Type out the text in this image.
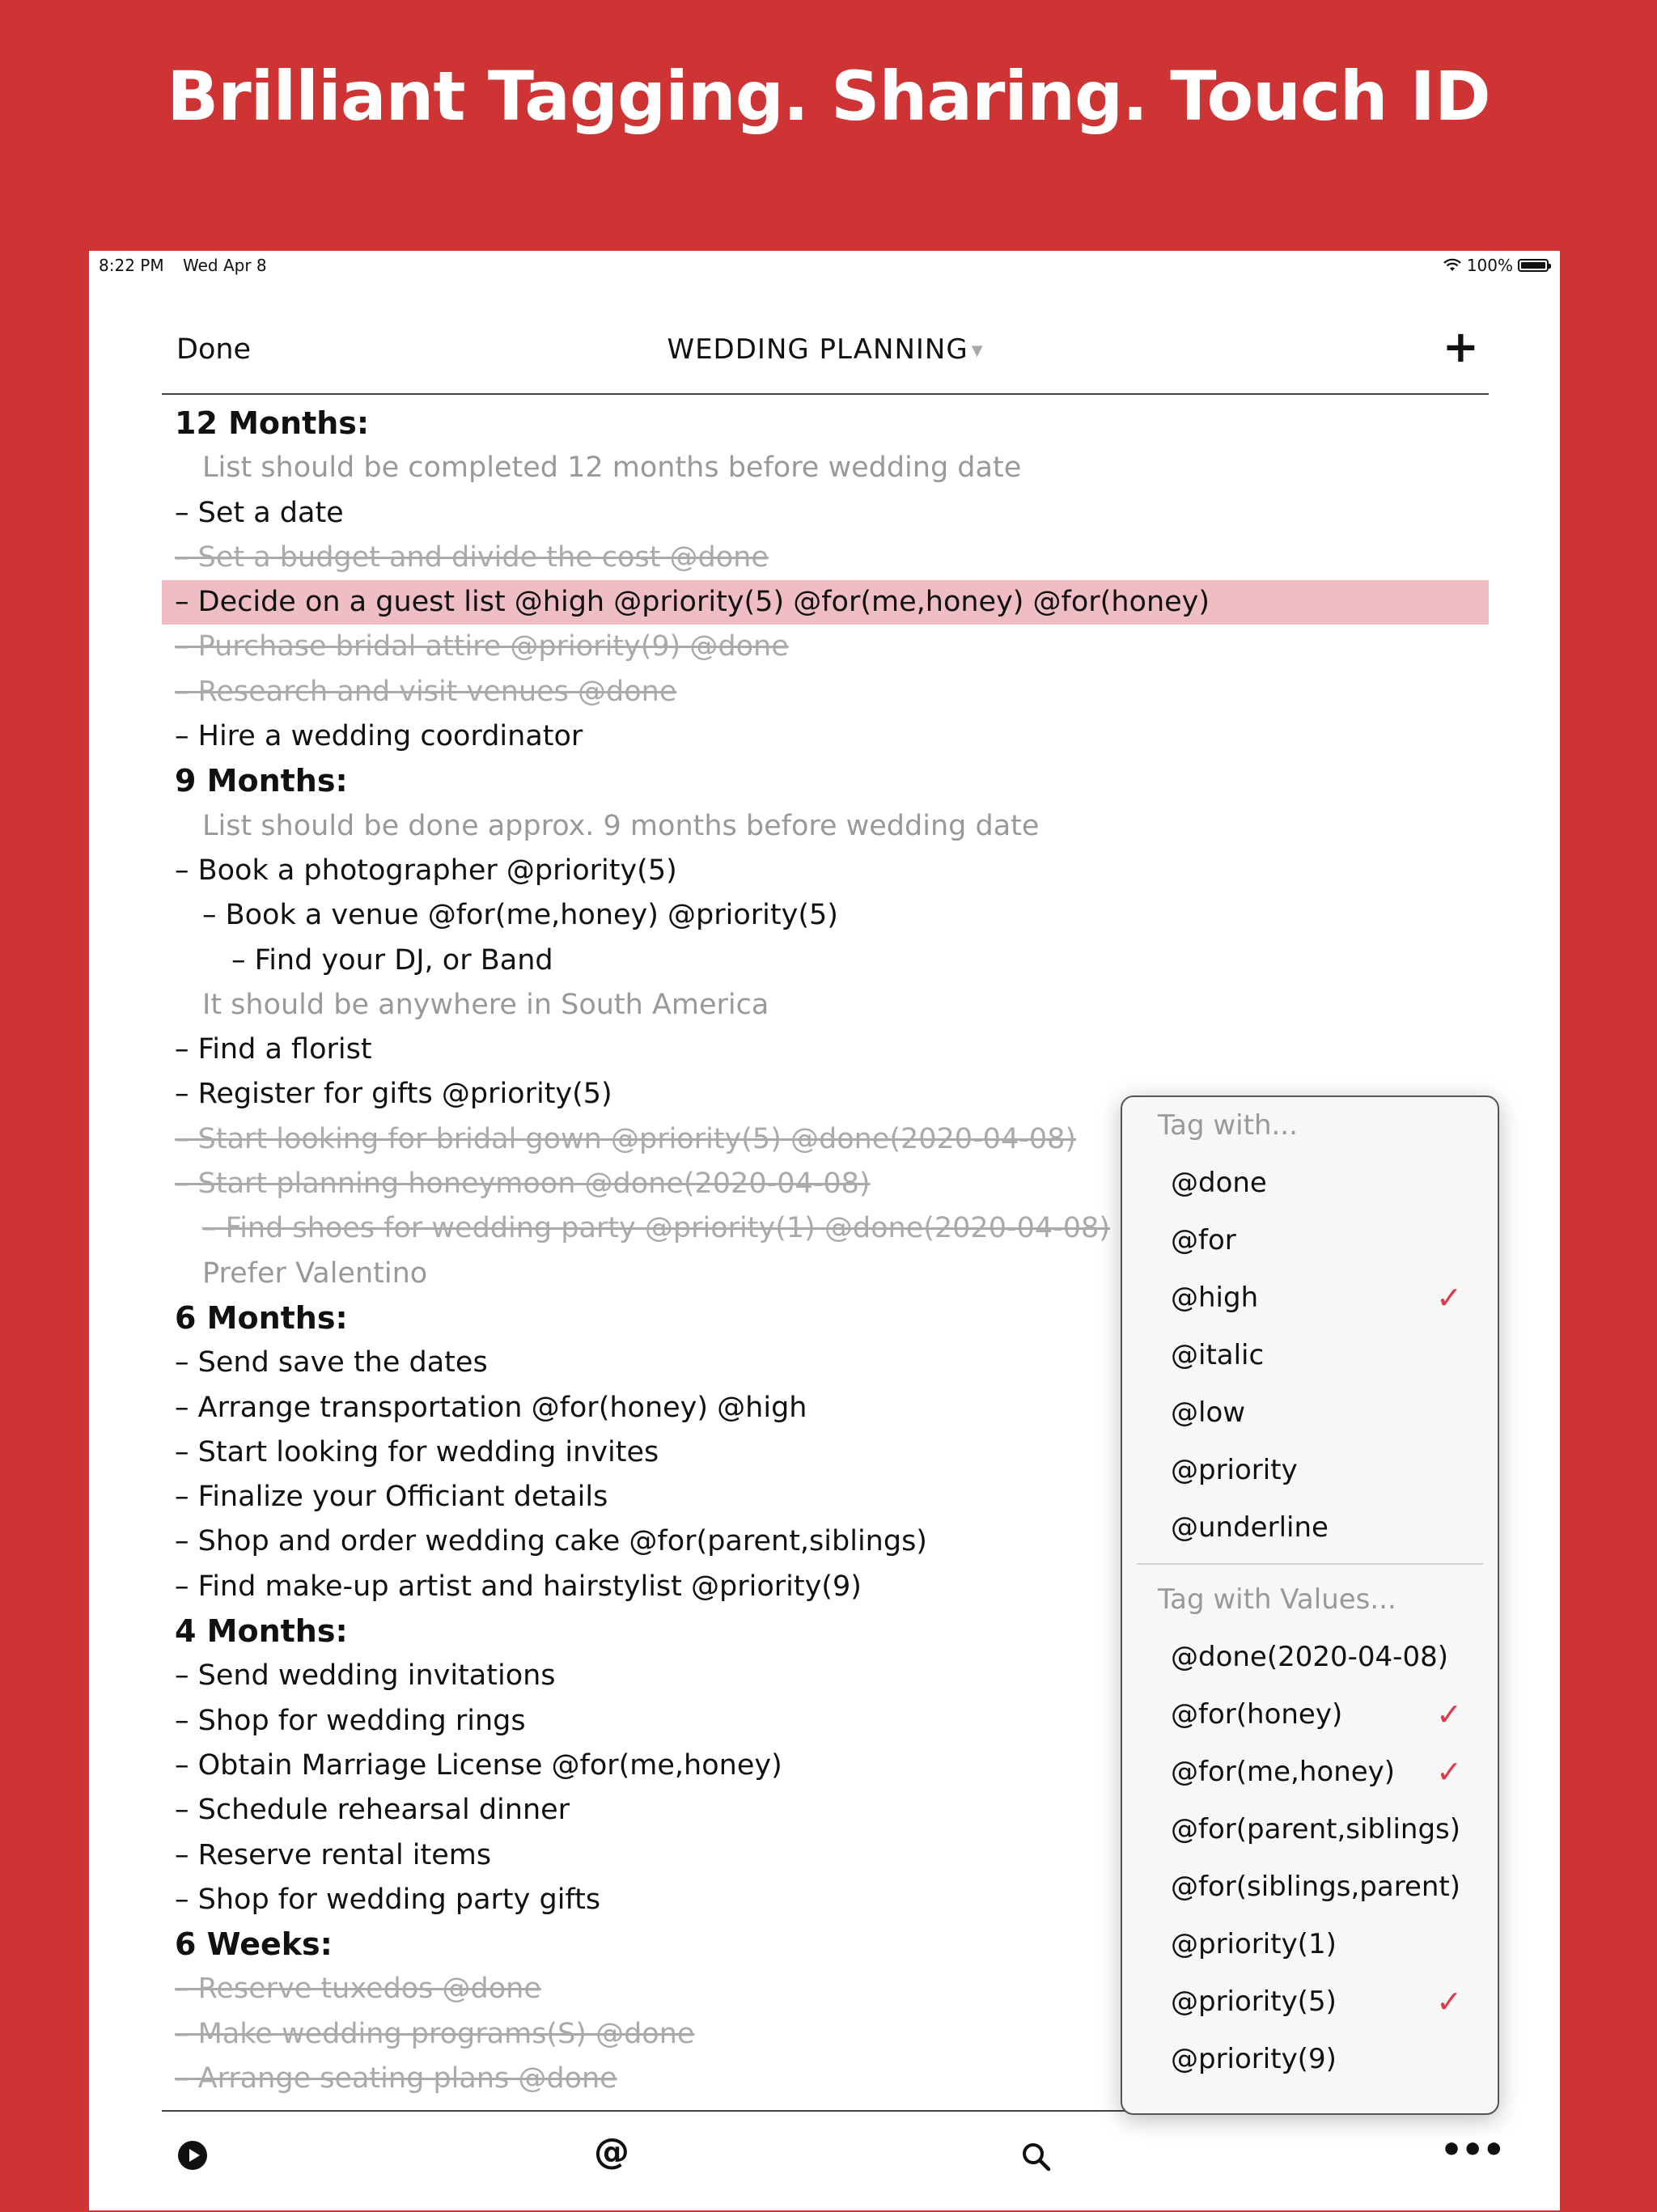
Brilliant Tagging. Sharing. Touch ID
8:22 PM Wed Apr 8	100%
Done	WEDDING PLANNING ▼	+
12 Months:
List should be completed 12 months before wedding date
– Set a date
– Set a budget and divide the cost @done
– Decide on a guest list @high @priority(5) @for(me,honey) @for(honey)
– Purchase bridal attire @priority(9) @done
– Research and visit venues @done
– Hire a wedding coordinator
9 Months:
List should be done approx. 9 months before wedding date
– Book a photographer @priority(5)
– Book a venue @for(me,honey) @priority(5)
– Find your DJ, or Band
It should be anywhere in South America
– Find a florist
– Register for gifts @priority(5)
– Start looking for bridal gown @priority(5) @done(2020-04-08)
– Start planning honeymoon @done(2020-04-08)
– Find shoes for wedding party @priority(1) @done(2020-04-08)
Prefer Valentino
6 Months:
– Send save the dates
– Arrange transportation @for(honey) @high
– Start looking for wedding invites
– Finalize your Officiant details
– Shop and order wedding cake @for(parent,siblings)
– Find make-up artist and hairstylist @priority(9)
4 Months:
– Send wedding invitations
– Shop for wedding rings
– Obtain Marriage License @for(me,honey)
– Schedule rehearsal dinner
– Reserve rental items
– Shop for wedding party gifts
6 Weeks:
– Reserve tuxedos @done
– Make wedding programs(S) @done
– Arrange seating plans @done
@	•••
Tag with...
@done
@for
@high	✓
@italic
@low
@priority
@underline
Tag with Values...
@done(2020-04-08)
@for(honey)	✓
@for(me,honey) ✓
@for(parent,siblings)
@for(siblings,parent)
@priority(1)
@priority(5)	✓
@priority(9)
